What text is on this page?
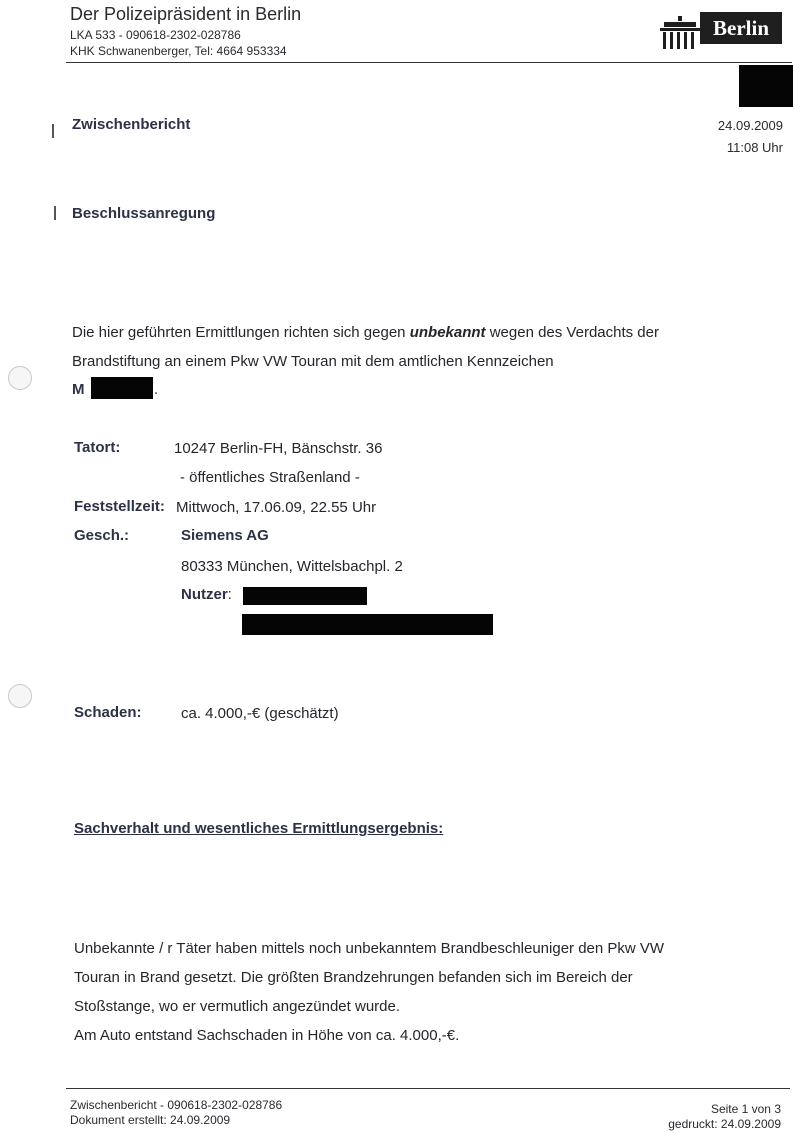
Der Polizeipräsident in Berlin
LKA 533 - 090618-2302-028786
KHK Schwanenberger, Tel: 4664 953334
Berlin
Zwischenbericht	24.09.2009
11:08 Uhr
Beschlussanregung
Die hier geführten Ermittlungen richten sich gegen unbekannt wegen des Verdachts der
Brandstiftung an einem Pkw VW Touran mit dem amtlichen Kennzeichen
M	.
Tatort:	10247 Berlin-FH, Bänschstr. 36
- öffentliches Straßenland -
Feststellzeit: Mittwoch, 17.06.09, 22.55 Uhr
Gesch.:	Siemens AG
80333 München, Wittelsbachpl. 2
Nutzer:
Schaden:	ca. 4.000,-€ (geschätzt)
Sachverhalt und wesentliches Ermittlungsergebnis:
Unbekannte / r Täter haben mittels noch unbekanntem Brandbeschleuniger den Pkw VW
Touran in Brand gesetzt. Die größten Brandzehrungen befanden sich im Bereich der
Stoßstange, wo er vermutlich angezündet wurde.
Am Auto entstand Sachschaden in Höhe von ca. 4.000,-€.
Zwischenbericht - 090618-2302-028786
Dokument erstellt: 24.09.2009
Seite 1 von 3
gedruckt: 24.09.2009
